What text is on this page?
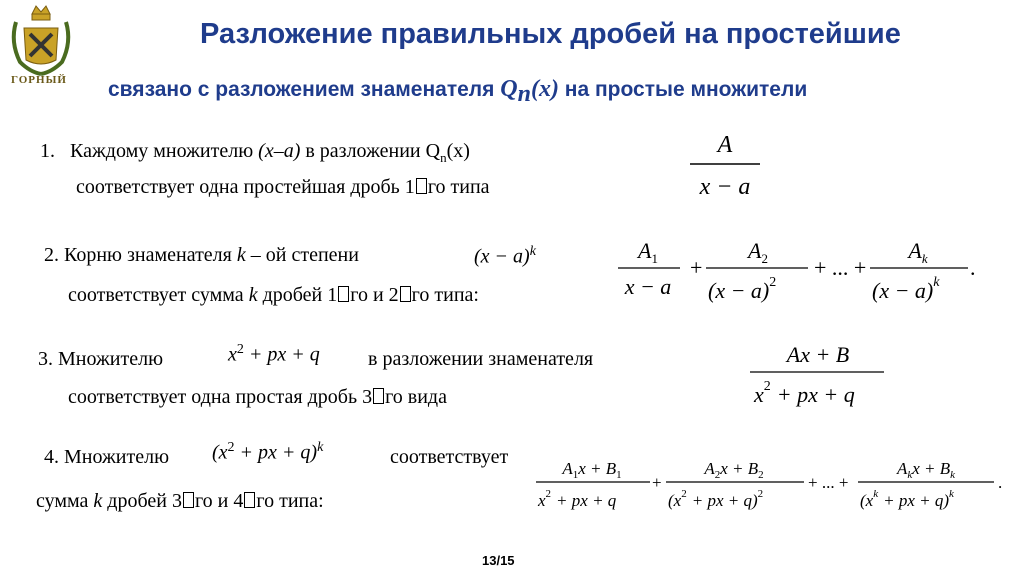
ГОРНЫЙ
Разложение правильных дробей на простейшие
связано с разложением знаменателя $Q_n(x)$ на простые множители
1. Каждому множителю (x–a) в разложении $Q_n(x)$
соответствует одна простейшая дробь 1 го типа
A
x − a
2. Корню знаменателя k – ой степени	$(x - a)^k$
соответствует сумма k дробей 1 го и 2 го типа:
$A_1$
x − a
+
$A_2$
$(x - a)^2$
+ ... +
$A_k$
$(x - a)^k$
.
3. Множителю	$x^2$ + px + q в разложении знаменателя
соответствует одна простая дробь 3 го вида
Ax + B
$x^2$ + px + q
4. Множителю ($x^2$ + px + q)$^k$	соответствует
сумма k дробей 3 го и 4 го типа:
$A_1x + B_1$
$x^2$ + px + q
+
$A_2x + B_2$
($x^2$ + px + q)$^2$
+ ... +
$A_kx + B_k$
($x^k$ + px + q)$^k$
.
13/15
